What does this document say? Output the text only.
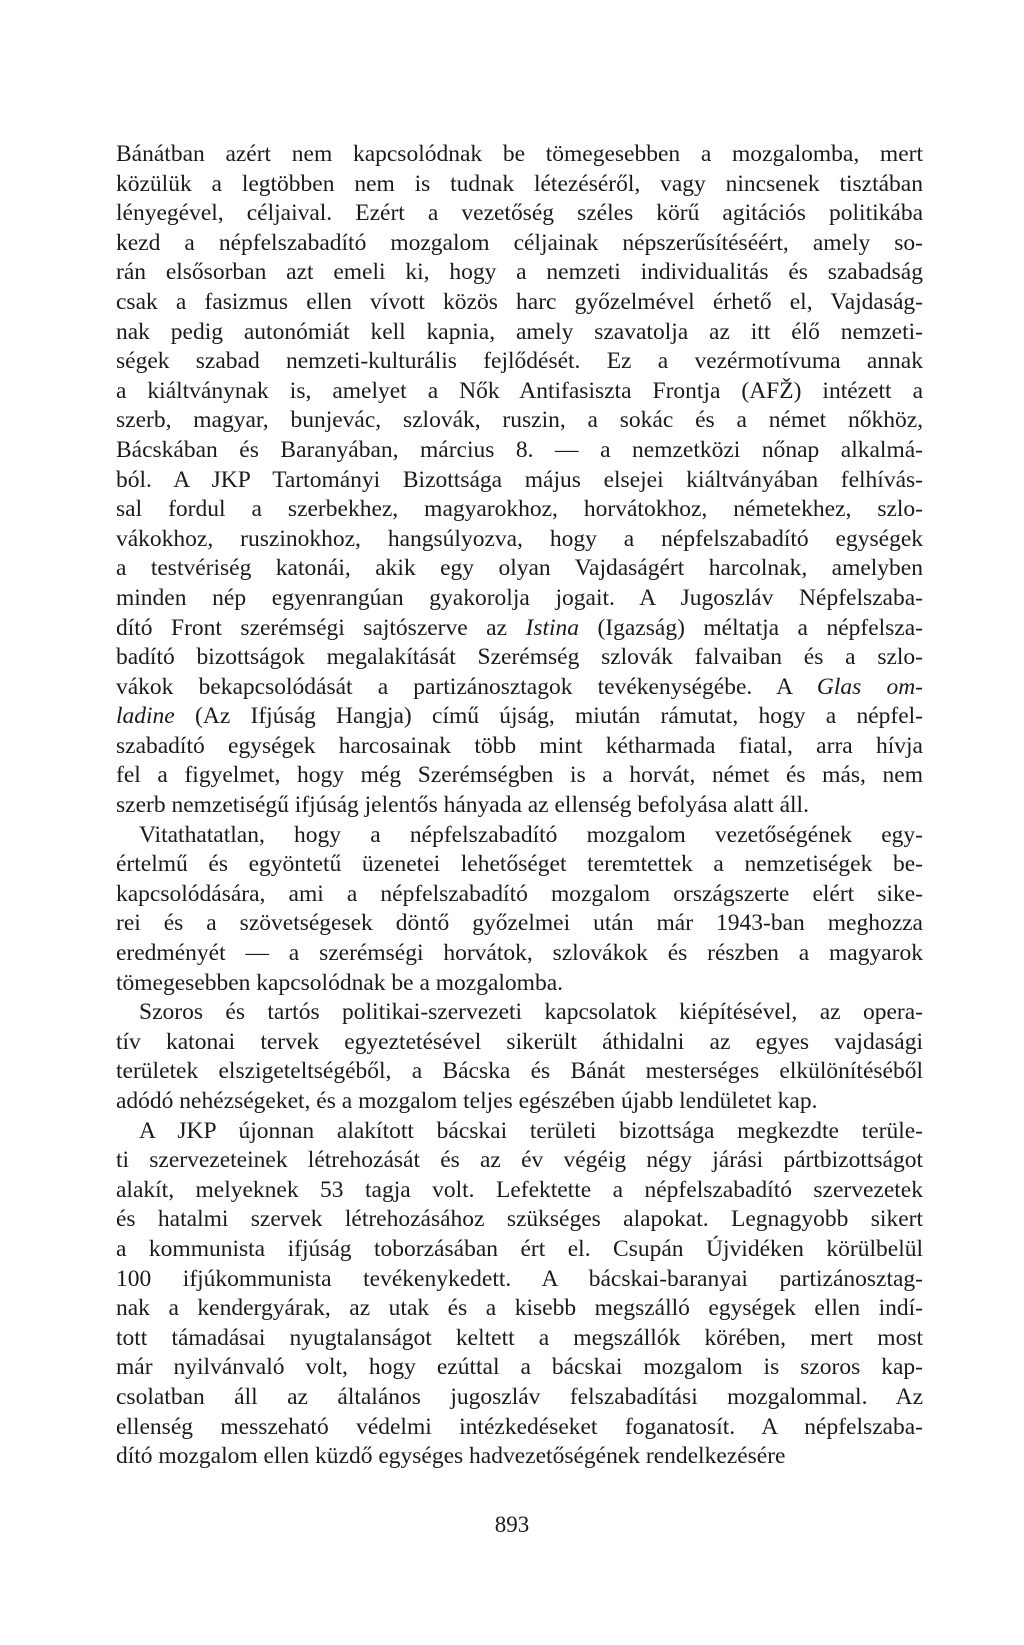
Bánátban azért nem kapcsolódnak be tömegesebben a mozgalomba, mert
közülük a legtöbben nem is tudnak létezéséről, vagy nincsenek tisztában
lényegével, céljaival. Ezért a vezetőség széles körű agitációs politikába
kezd a népfelszabadító mozgalom céljainak népszerűsítéséért, amely so-
rán elsősorban azt emeli ki, hogy a nemzeti individualitás és szabadság
csak a fasizmus ellen vívott közös harc győzelmével érhető el, Vajdaság-
nak pedig autonómiát kell kapnia, amely szavatolja az itt élő nemzeti-
ségek szabad nemzeti-kulturális fejlődését. Ez a vezérmotívuma annak
a kiáltványnak is, amelyet a Nők Antifasiszta Frontja (AFŽ) intézett a
szerb, magyar, bunjevác, szlovák, ruszin, a sokác és a német nőkhöz,
Bácskában és Baranyában, március 8. — a nemzetközi nőnap alkalmá-
ból. A JKP Tartományi Bizottsága május elsejei kiáltványában felhívás-
sal fordul a szerbekhez, magyarokhoz, horvátokhoz, németekhez, szlo-
vákokhoz, ruszinokhoz, hangsúlyozva, hogy a népfelszabadító egységek
a testvériség katonái, akik egy olyan Vajdaságért harcolnak, amelyben
minden nép egyenrangúan gyakorolja jogait. A Jugoszláv Népfelszaba-
dító Front szerémségi sajtószerve az Istina (Igazság) méltatja a népfelsza-
badító bizottságok megalakítását Szerémség szlovák falvaiban és a szlo-
vákok bekapcsolódását a partizánosztagok tevékenységébe. A Glas om-
ladine (Az Ifjúság Hangja) című újság, miután rámutat, hogy a népfel-
szabadító egységek harcosainak több mint kétharmada fiatal, arra hívja
fel a figyelmet, hogy még Szerémségben is a horvát, német és más, nem
szerb nemzetiségű ifjúság jelentős hányada az ellenség befolyása alatt áll.
Vitathatatlan, hogy a népfelszabadító mozgalom vezetőségének egy-
értelmű és egyöntetű üzenetei lehetőséget teremtettek a nemzetiségek be-
kapcsolódására, ami a népfelszabadító mozgalom országszerte elért sike-
rei és a szövetségesek döntő győzelmei után már 1943-ban meghozza
eredményét — a szerémségi horvátok, szlovákok és részben a magyarok
tömegesebben kapcsolódnak be a mozgalomba.
Szoros és tartós politikai-szervezeti kapcsolatok kiépítésével, az opera-
tív katonai tervek egyeztetésével sikerült áthidalni az egyes vajdasági
területek elszigeteltségéből, a Bácska és Bánát mesterséges elkülönítéséből
adódó nehézségeket, és a mozgalom teljes egészében újabb lendületet kap.
A JKP újonnan alakított bácskai területi bizottsága megkezdte terüle-
ti szervezeteinek létrehozását és az év végéig négy járási pártbizottságot
alakít, melyeknek 53 tagja volt. Lefektette a népfelszabadító szervezetek
és hatalmi szervek létrehozásához szükséges alapokat. Legnagyobb sikert
a kommunista ifjúság toborzásában ért el. Csupán Újvidéken körülbelül
100 ifjúkommunista tevékenykedett. A bácskai-baranyai partizánosztag-
nak a kendergyárak, az utak és a kisebb megszálló egységek ellen indí-
tott támadásai nyugtalanságot keltett a megszállók körében, mert most
már nyilvánvaló volt, hogy ezúttal a bácskai mozgalom is szoros kap-
csolatban áll az általános jugoszláv felszabadítási mozgalommal. Az
ellenség messzeható védelmi intézkedéseket foganatosít. A népfelszaba-
dító mozgalom ellen küzdő egységes hadvezetőségének rendelkezésére
893
